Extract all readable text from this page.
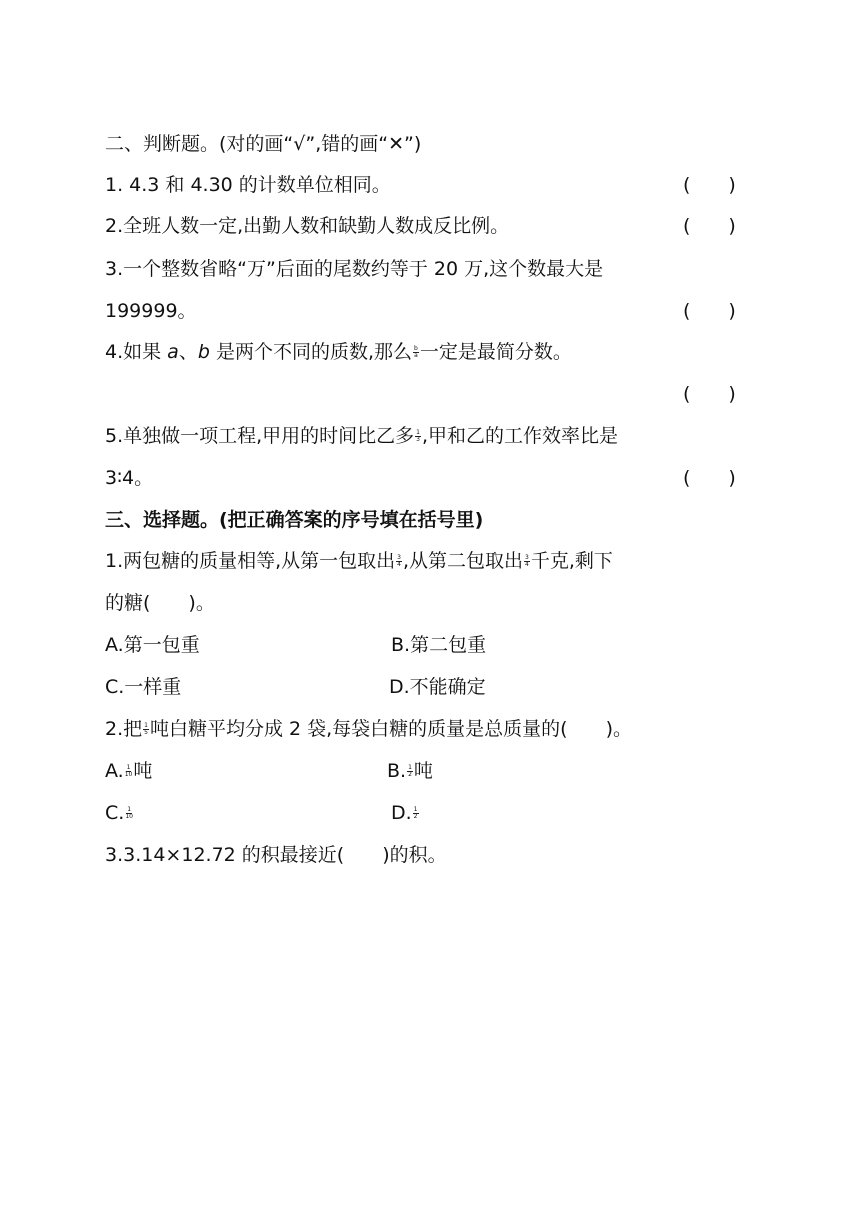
二、判断题。(对的画“√”,错的画“✕”)
1. 4.3 和 4.30 的计数单位相同。	(　　)
2.全班人数一定,出勤人数和缺勤人数成反比例。	(　　)
3.一个整数省略“万”后面的尾数约等于 20 万,这个数最大是
199999。	(　　)
4.如果 a、b 是两个不同的质数,那么 $\frac{b}{a}$ 一定是最简分数。
(　　)
5.单独做一项工程,甲用的时间比乙多 $\frac{1}{3}$ ,甲和乙的工作效率比是
3∶4。	(　　)
三、选择题。(把正确答案的序号填在括号里)
1.两包糖的质量相等,从第一包取出 $\frac{3}{4}$ ,从第二包取出 $\frac{3}{4}$ 千克,剩下
的糖(　　)。
A.第一包重	B.第二包重
C.一样重	D.不能确定
2.把 $\frac{1}{5}$ 吨白糖平均分成 2 袋,每袋白糖的质量是总质量的(　　)。
A. $\frac{1}{10}$ 吨	B. $\frac{1}{2}$ 吨
C. $\frac{1}{10}$	D. $\frac{1}{2}$
3.3.14×12.72 的积最接近(　　)的积。
